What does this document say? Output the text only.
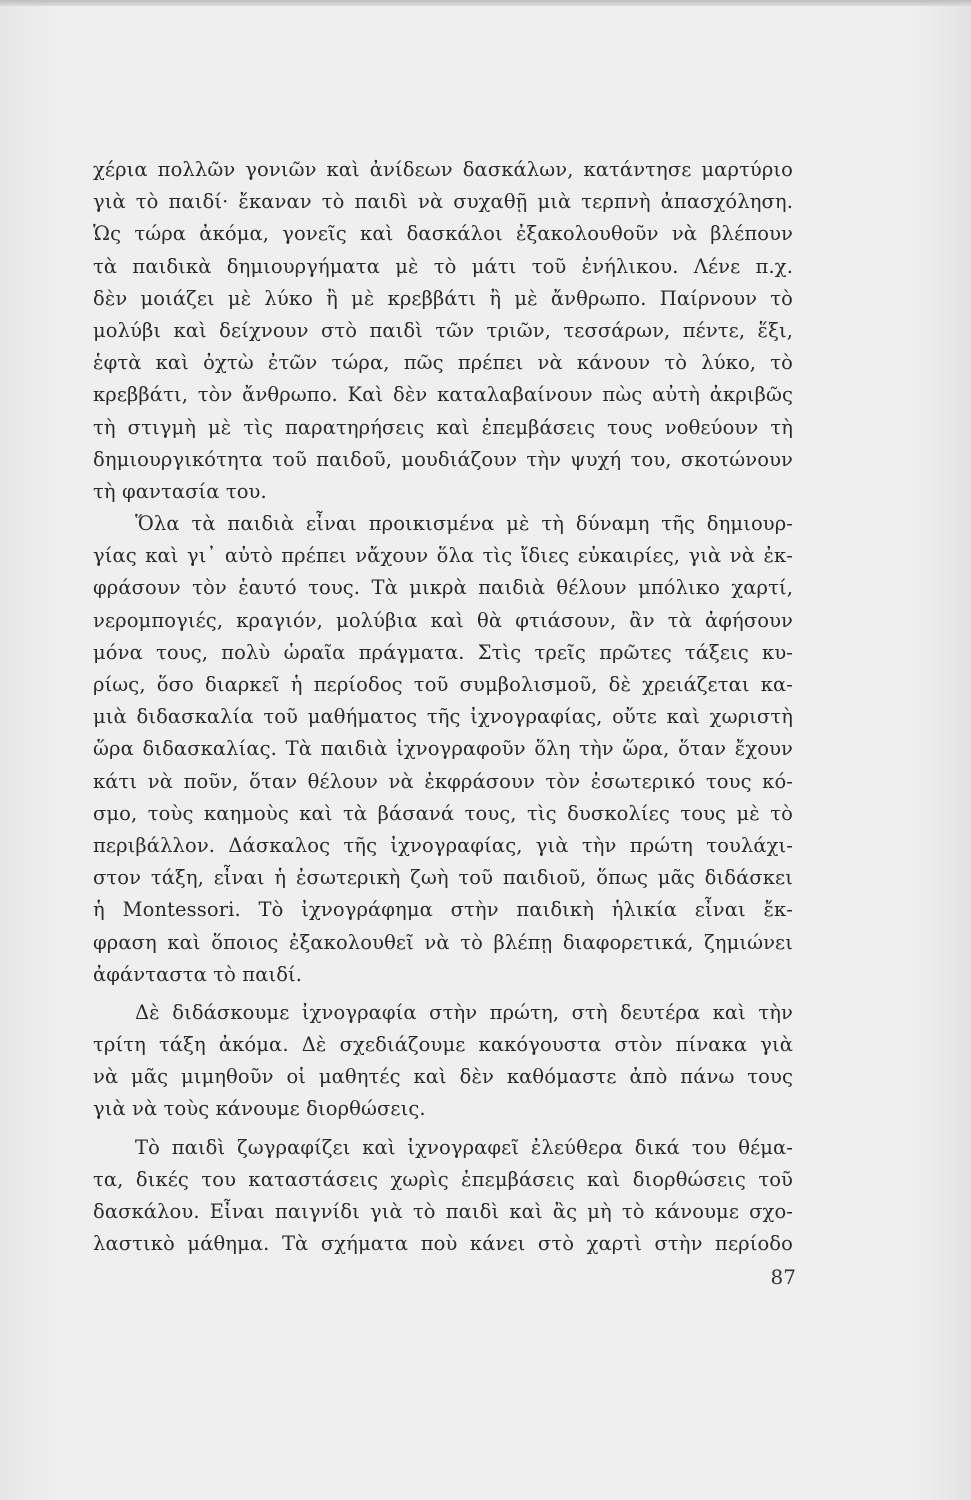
χέρια πολλῶν γονιῶν καὶ ἀνίδεων δασκάλων, κατάντησε μαρτύριο
γιὰ τὸ παιδί· ἔκαναν τὸ παιδὶ νὰ συχαθῇ μιὰ τερπνὴ ἀπασχόληση.
Ὡς τώρα ἀκόμα, γονεῖς καὶ δασκάλοι ἐξακολουθοῦν νὰ βλέπουν
τὰ παιδικὰ δημιουργήματα μὲ τὸ μάτι τοῦ ἐνήλικου. Λένε π.χ.
δὲν μοιάζει μὲ λύκο ἢ μὲ κρεββάτι ἢ μὲ ἄνθρωπο. Παίρνουν τὸ
μολύβι καὶ δείχνουν στὸ παιδὶ τῶν τριῶν, τεσσάρων, πέντε, ἕξι,
ἑφτὰ καὶ ὀχτὼ ἐτῶν τώρα, πῶς πρέπει νὰ κάνουν τὸ λύκο, τὸ
κρεββάτι, τὸν ἄνθρωπο. Καὶ δὲν καταλαβαίνουν πὼς αὐτὴ ἀκριβῶς
τὴ στιγμὴ μὲ τὶς παρατηρήσεις καὶ ἐπεμβάσεις τους νοθεύουν τὴ
δημιουργικότητα τοῦ παιδοῦ, μουδιάζουν τὴν ψυχή του, σκοτώνουν
τὴ φαντασία του.
Ὅλα τὰ παιδιὰ εἶναι προικισμένα μὲ τὴ δύναμη τῆς δημιουρ-
γίας καὶ γι᾿ αὐτὸ πρέπει νἄχουν ὅλα τὶς ἴδιες εὐκαιρίες, γιὰ νὰ ἐκ-
φράσουν τὸν ἑαυτό τους. Τὰ μικρὰ παιδιὰ θέλουν μπόλικο χαρτί,
νερομπογιές, κραγιόν, μολύβια καὶ θὰ φτιάσουν, ἂν τὰ ἀφήσουν
μόνα τους, πολὺ ὡραῖα πράγματα. Στὶς τρεῖς πρῶτες τάξεις κυ-
ρίως, ὅσο διαρκεῖ ἡ περίοδος τοῦ συμβολισμοῦ, δὲ χρειάζεται κα-
μιὰ διδασκαλία τοῦ μαθήματος τῆς ἰχνογραφίας, οὔτε καὶ χωριστὴ
ὥρα διδασκαλίας. Τὰ παιδιὰ ἰχνογραφοῦν ὅλη τὴν ὥρα, ὅταν ἔχουν
κάτι νὰ ποῦν, ὅταν θέλουν νὰ ἐκφράσουν τὸν ἐσωτερικό τους κό-
σμο, τοὺς καημοὺς καὶ τὰ βάσανά τους, τὶς δυσκολίες τους μὲ τὸ
περιβάλλον. Δάσκαλος τῆς ἰχνογραφίας, γιὰ τὴν πρώτη τουλάχι-
στον τάξη, εἶναι ἡ ἐσωτερικὴ ζωὴ τοῦ παιδιοῦ, ὅπως μᾶς διδάσκει
ἡ Montessori. Τὸ ἰχνογράφημα στὴν παιδικὴ ἡλικία εἶναι ἔκ-
φραση καὶ ὅποιος ἐξακολουθεῖ νὰ τὸ βλέπῃ διαφορετικά, ζημιώνει
ἀφάνταστα τὸ παιδί.
Δὲ διδάσκουμε ἰχνογραφία στὴν πρώτη, στὴ δευτέρα καὶ τὴν
τρίτη τάξη ἀκόμα. Δὲ σχεδιάζουμε κακόγουστα στὸν πίνακα γιὰ
νὰ μᾶς μιμηθοῦν οἱ μαθητές καὶ δὲν καθόμαστε ἀπὸ πάνω τους
γιὰ νὰ τοὺς κάνουμε διορθώσεις.
Τὸ παιδὶ ζωγραφίζει καὶ ἰχνογραφεῖ ἐλεύθερα δικά του θέμα-
τα, δικές του καταστάσεις χωρὶς ἐπεμβάσεις καὶ διορθώσεις τοῦ
δασκάλου. Εἶναι παιγνίδι γιὰ τὸ παιδὶ καὶ ἂς μὴ τὸ κάνουμε σχο-
λαστικὸ μάθημα. Τὰ σχήματα ποὺ κάνει στὸ χαρτὶ στὴν περίοδο
87
